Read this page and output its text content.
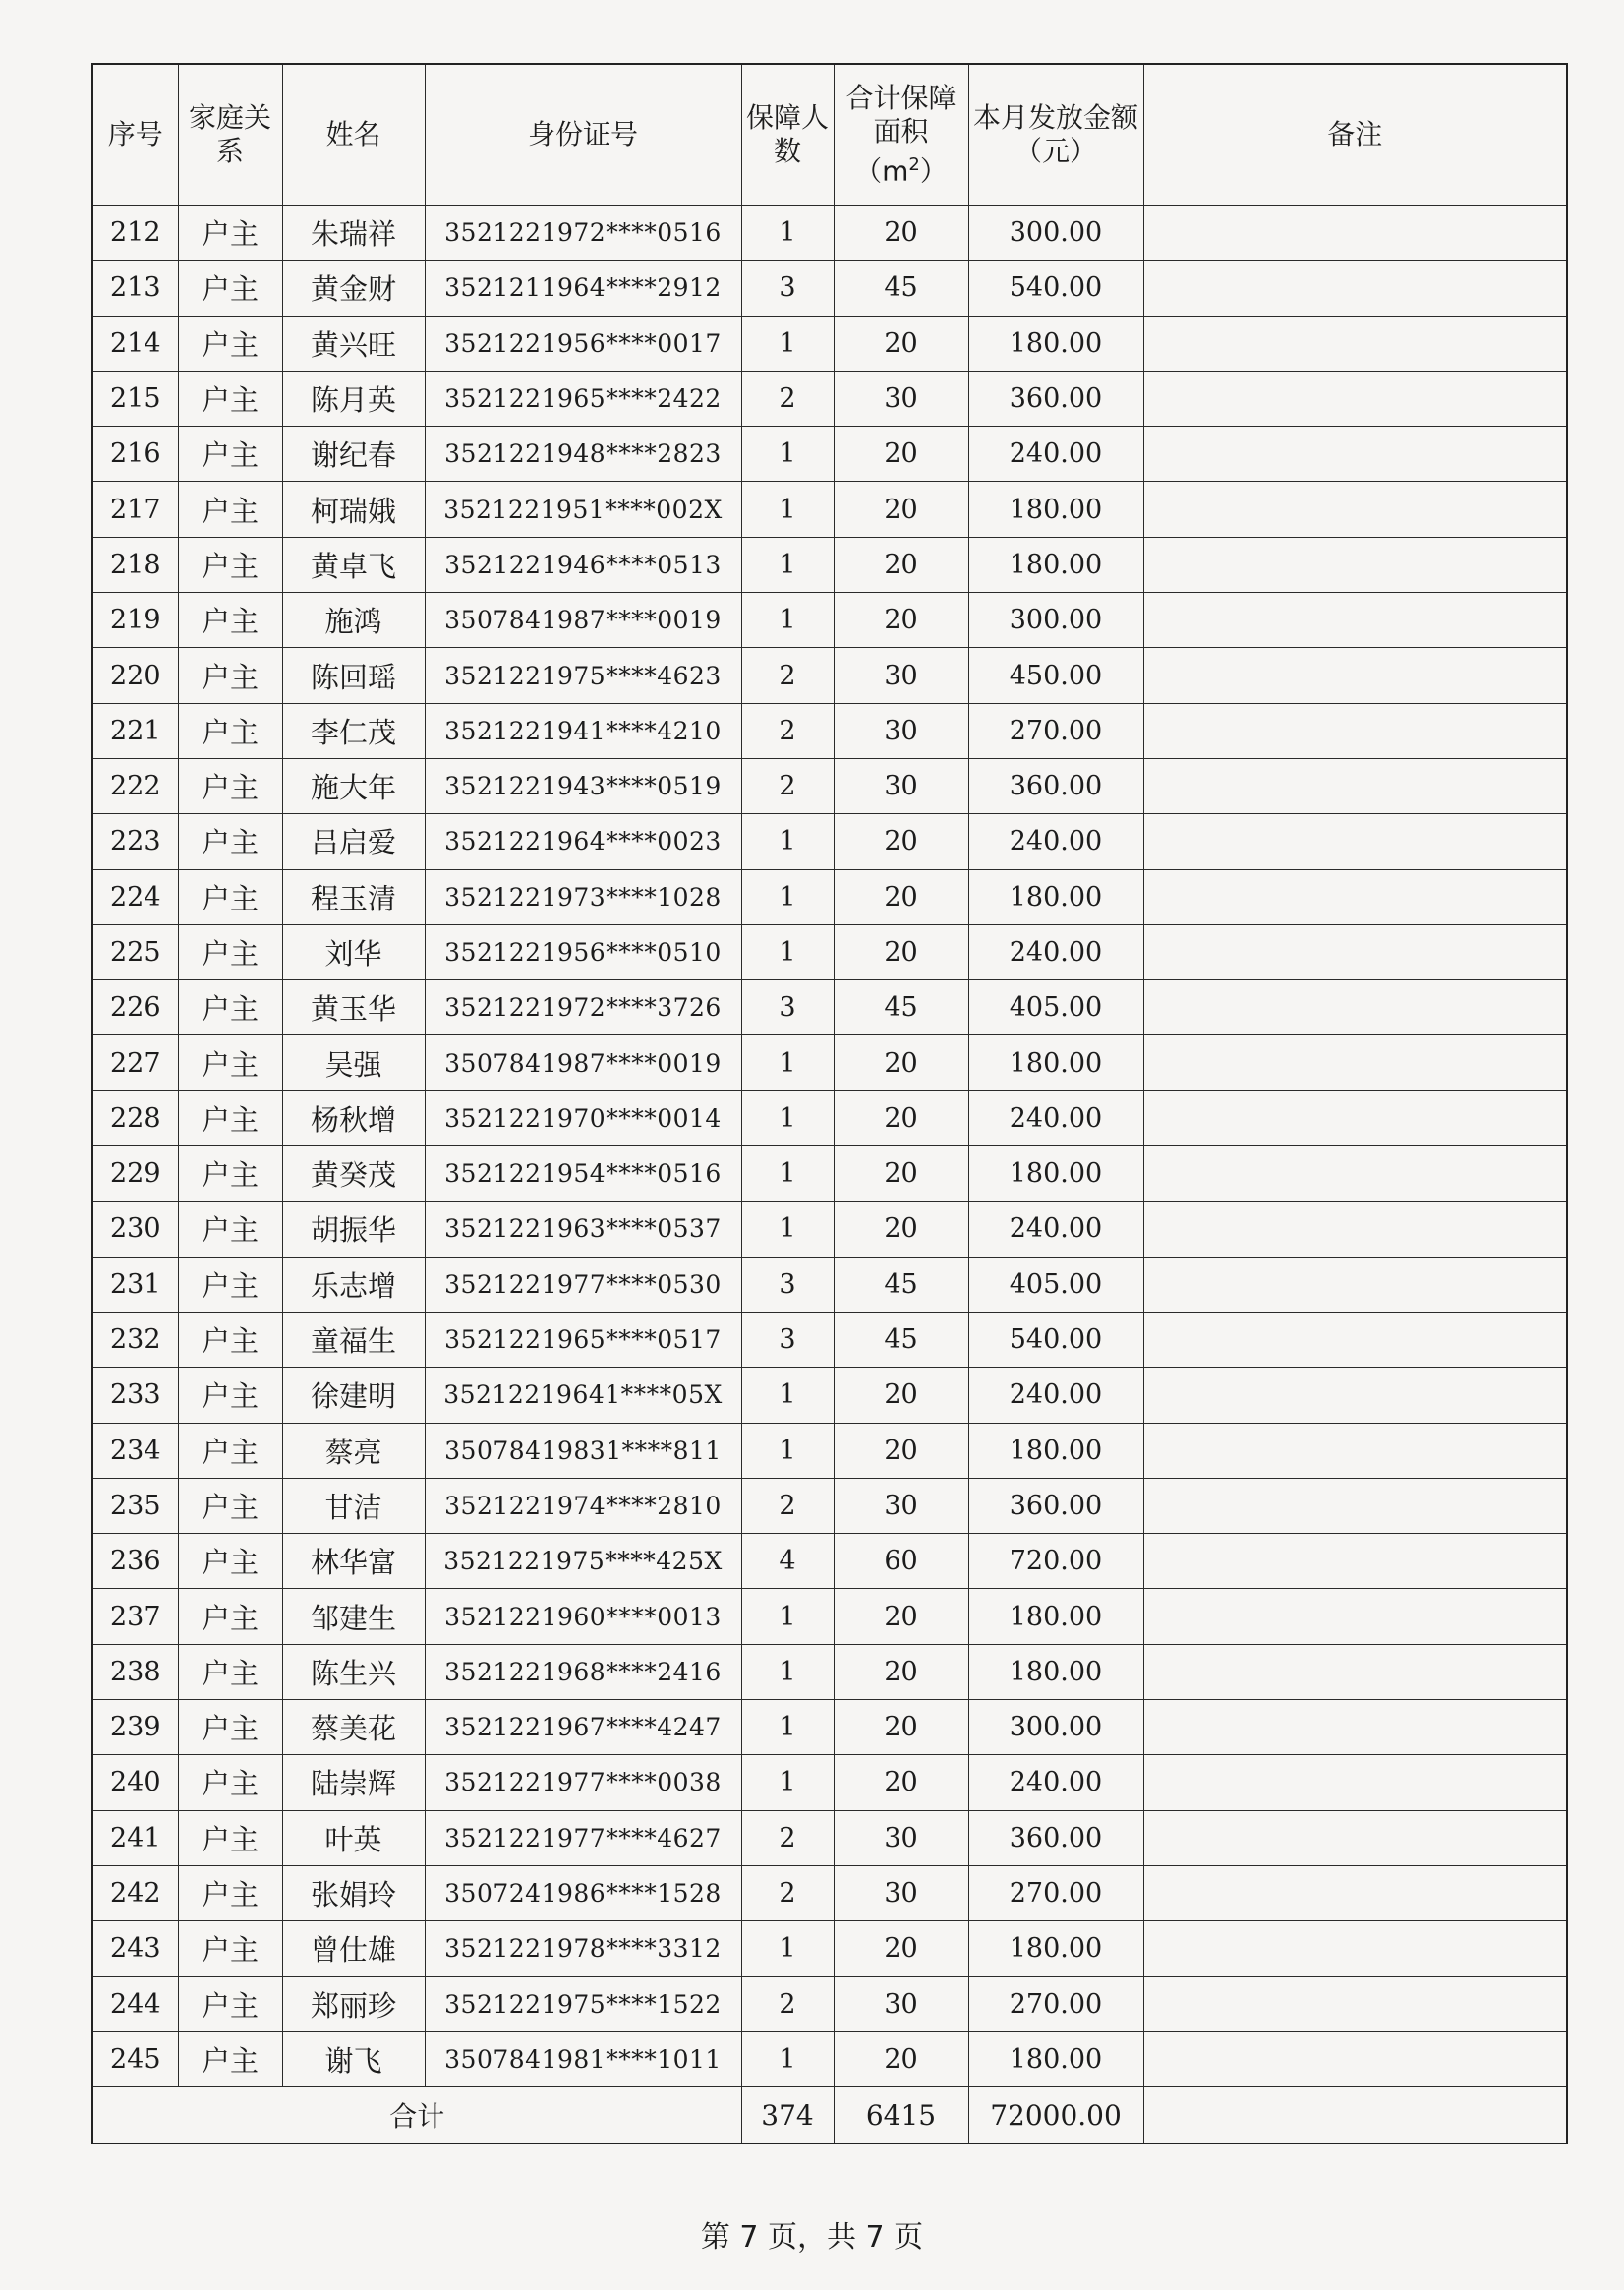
序号	家庭关系	姓名	身份证号	保障人数	合计保障面积$(m^2)$	本月发放金额（元）	备注
212	户主	朱瑞祥	3521221972****0516	1	20	300.00	
213	户主	黄金财	3521211964****2912	3	45	540.00	
214	户主	黄兴旺	3521221956****0017	1	20	180.00	
215	户主	陈月英	3521221965****2422	2	30	360.00	
216	户主	谢纪春	3521221948****2823	1	20	240.00	
217	户主	柯瑞娥	3521221951****002X	1	20	180.00	
218	户主	黄卓飞	3521221946****0513	1	20	180.00	
219	户主	施鸿	3507841987****0019	1	20	300.00	
220	户主	陈回瑶	3521221975****4623	2	30	450.00	
221	户主	李仁茂	3521221941****4210	2	30	270.00	
222	户主	施大年	3521221943****0519	2	30	360.00	
223	户主	吕启爱	3521221964****0023	1	20	240.00	
224	户主	程玉清	3521221973****1028	1	20	180.00	
225	户主	刘华	3521221956****0510	1	20	240.00	
226	户主	黄玉华	3521221972****3726	3	45	405.00	
227	户主	吴强	3507841987****0019	1	20	180.00	
228	户主	杨秋增	3521221970****0014	1	20	240.00	
229	户主	黄癸茂	3521221954****0516	1	20	180.00	
230	户主	胡振华	3521221963****0537	1	20	240.00	
231	户主	乐志增	3521221977****0530	3	45	405.00	
232	户主	童福生	3521221965****0517	3	45	540.00	
233	户主	徐建明	35212219641****05X	1	20	240.00	
234	户主	蔡亮	35078419831****811	1	20	180.00	
235	户主	甘洁	3521221974****2810	2	30	360.00	
236	户主	林华富	3521221975****425X	4	60	720.00	
237	户主	邹建生	3521221960****0013	1	20	180.00	
238	户主	陈生兴	3521221968****2416	1	20	180.00	
239	户主	蔡美花	3521221967****4247	1	20	300.00	
240	户主	陆崇辉	3521221977****0038	1	20	240.00	
241	户主	叶英	3521221977****4627	2	30	360.00	
242	户主	张娟玲	3507241986****1528	2	30	270.00	
243	户主	曾仕雄	3521221978****3312	1	20	180.00	
244	户主	郑丽珍	3521221975****1522	2	30	270.00	
245	户主	谢飞	3507841981****1011	1	20	180.00	
合计				374	6415	72000.00	
第 7 页，共 7 页
